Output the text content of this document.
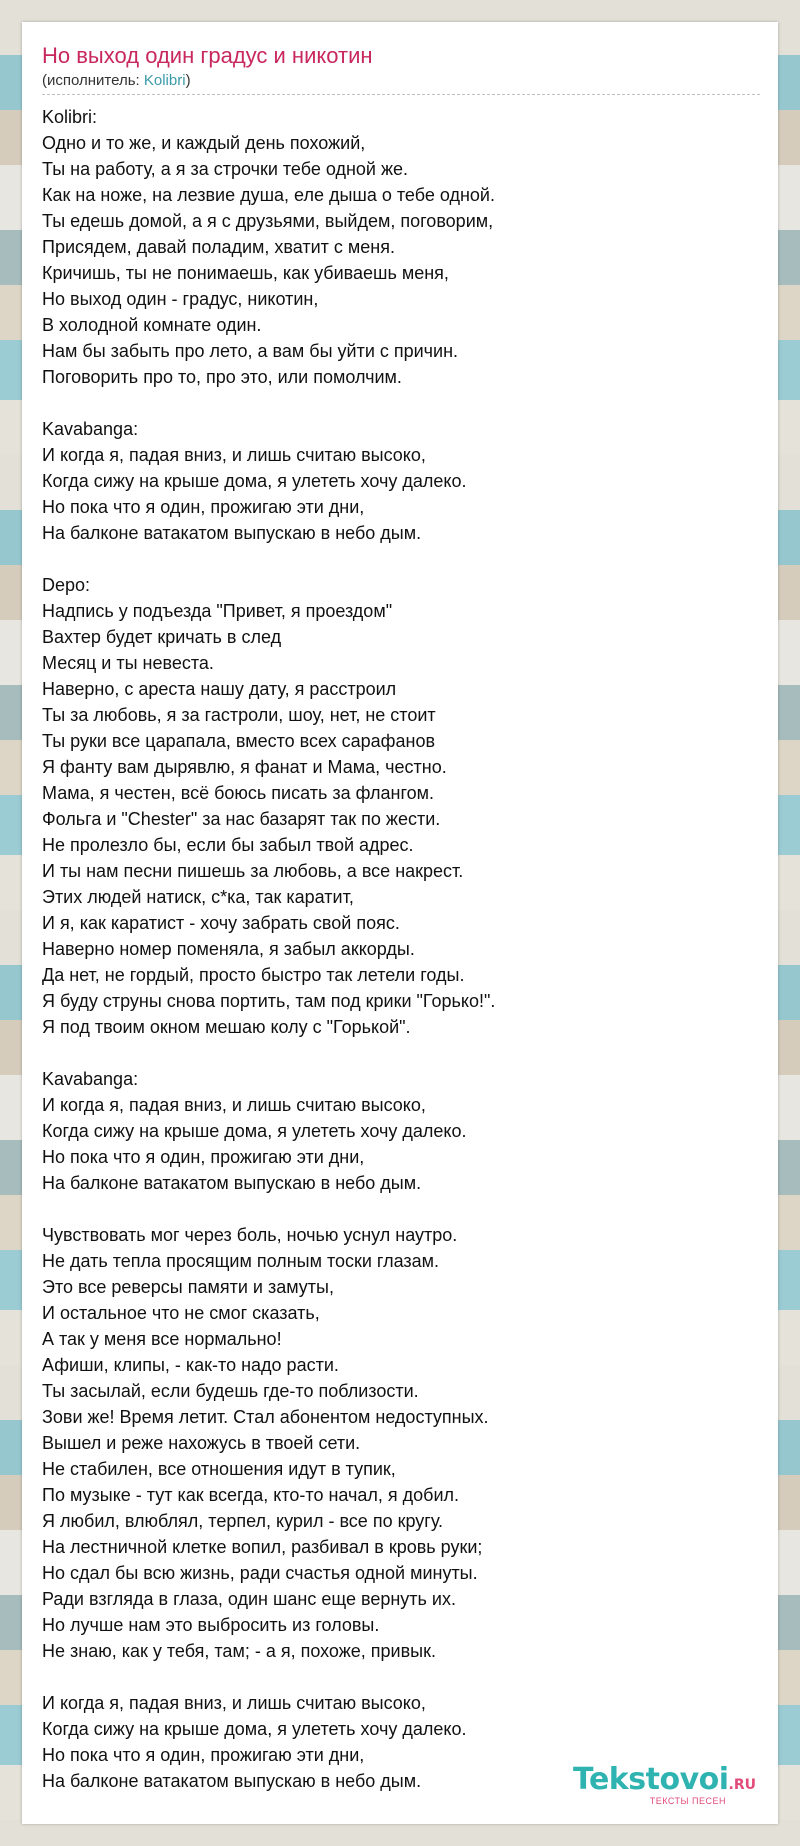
Но выход один градус и никотин
(исполнитель: Kolibri)
Kolibri:
Одно и то же, и каждый день похожий,
Ты на работу, а я за строчки тебе одной же.
Как на ноже, на лезвие душа, еле дыша о тебе одной.
Ты едешь домой, а я с друзьями, выйдем, поговорим,
Присядем, давай поладим, хватит с меня.
Кричишь, ты не понимаешь, как убиваешь меня,
Но выход один - градус, никотин,
В холодной комнате один.
Нам бы забыть про лето, а вам бы уйти с причин.
Поговорить про то, про это, или помолчим.
Kavabanga:
И когда я, падая вниз, и лишь считаю высоко,
Когда сижу на крыше дома, я улететь хочу далеко.
Но пока что я один, прожигаю эти дни,
На балконе ватакатом выпускаю в небо дым.
Depo:
Надпись у подъезда "Привет, я проездом"
Вахтер будет кричать в след
Месяц и ты невеста.
Наверно, с ареста нашу дату, я расстроил
Ты за любовь, я за гастроли, шоу, нет, не стоит
Ты руки все царапала, вместо всех сарафанов
Я фанту вам дырявлю, я фанат и Мама, честно.
Мама, я честен, всё боюсь писать за флангом.
Фольга и "Chester" за нас базарят так по жести.
Не пролезло бы, если бы забыл твой адрес.
И ты нам песни пишешь за любовь, а все накрест.
Этих людей натиск, с*ка, так каратит,
И я, как каратист - хочу забрать свой пояс.
Наверно номер поменяла, я забыл аккорды.
Да нет, не гордый, просто быстро так летели годы.
Я буду струны снова портить, там под крики "Горько!".
Я под твоим окном мешаю колу с "Горькой".
Kavabanga:
И когда я, падая вниз, и лишь считаю высоко,
Когда сижу на крыше дома, я улететь хочу далеко.
Но пока что я один, прожигаю эти дни,
На балконе ватакатом выпускаю в небо дым.
Чувствовать мог через боль, ночью уснул наутро.
Не дать тепла просящим полным тоски глазам.
Это все реверсы памяти и замуты,
И остальное что не смог сказать,
А так у меня все нормально!
Афиши, клипы, - как-то надо расти.
Ты засылай, если будешь где-то поблизости.
Зови же! Время летит. Стал абонентом недоступных.
Вышел и реже нахожусь в твоей сети.
Не стабилен, все отношения идут в тупик,
По музыке - тут как всегда, кто-то начал, я добил.
Я любил, влюблял, терпел, курил - все по кругу.
На лестничной клетке вопил, разбивал в кровь руки;
Но сдал бы всю жизнь, ради счастья одной минуты.
Ради взгляда в глаза, один шанс еще вернуть их.
Но лучше нам это выбросить из головы.
Не знаю, как у тебя, там; - а я, похоже, привык.
И когда я, падая вниз, и лишь считаю высоко,
Когда сижу на крыше дома, я улететь хочу далеко.
Но пока что я один, прожигаю эти дни,
На балконе ватакатом выпускаю в небо дым.	Tekstovoi.RU
ТЕКСТЫ ПЕСЕН
